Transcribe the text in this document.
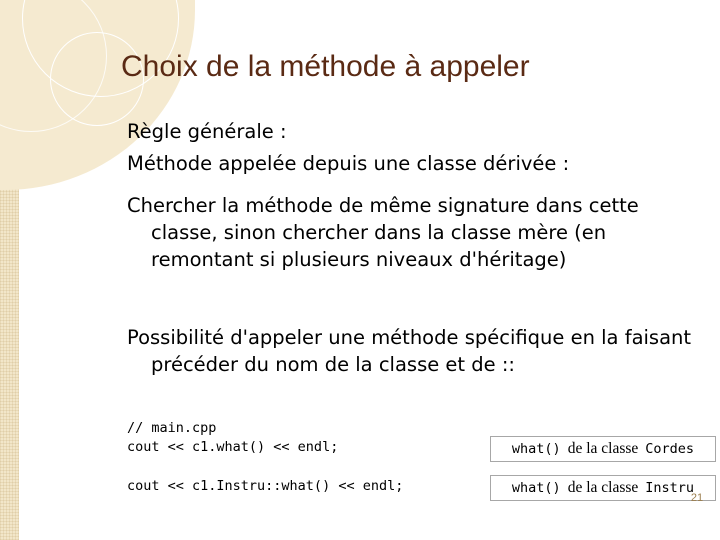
Choix de la méthode à appeler

Règle générale :

Méthode appelée depuis une classe dérivée :

Chercher la méthode de même signature dans cette classe, sinon chercher dans la classe mère (en remontant si plusieurs niveaux d'héritage)

Possibilité d'appeler une méthode spécifique en la faisant précéder du nom de la classe et de ::

// main.cpp
cout << c1.what() << endl;
cout << c1.Instru::what() << endl;
what() de la classe Cordes
what() de la classe Instru
21
